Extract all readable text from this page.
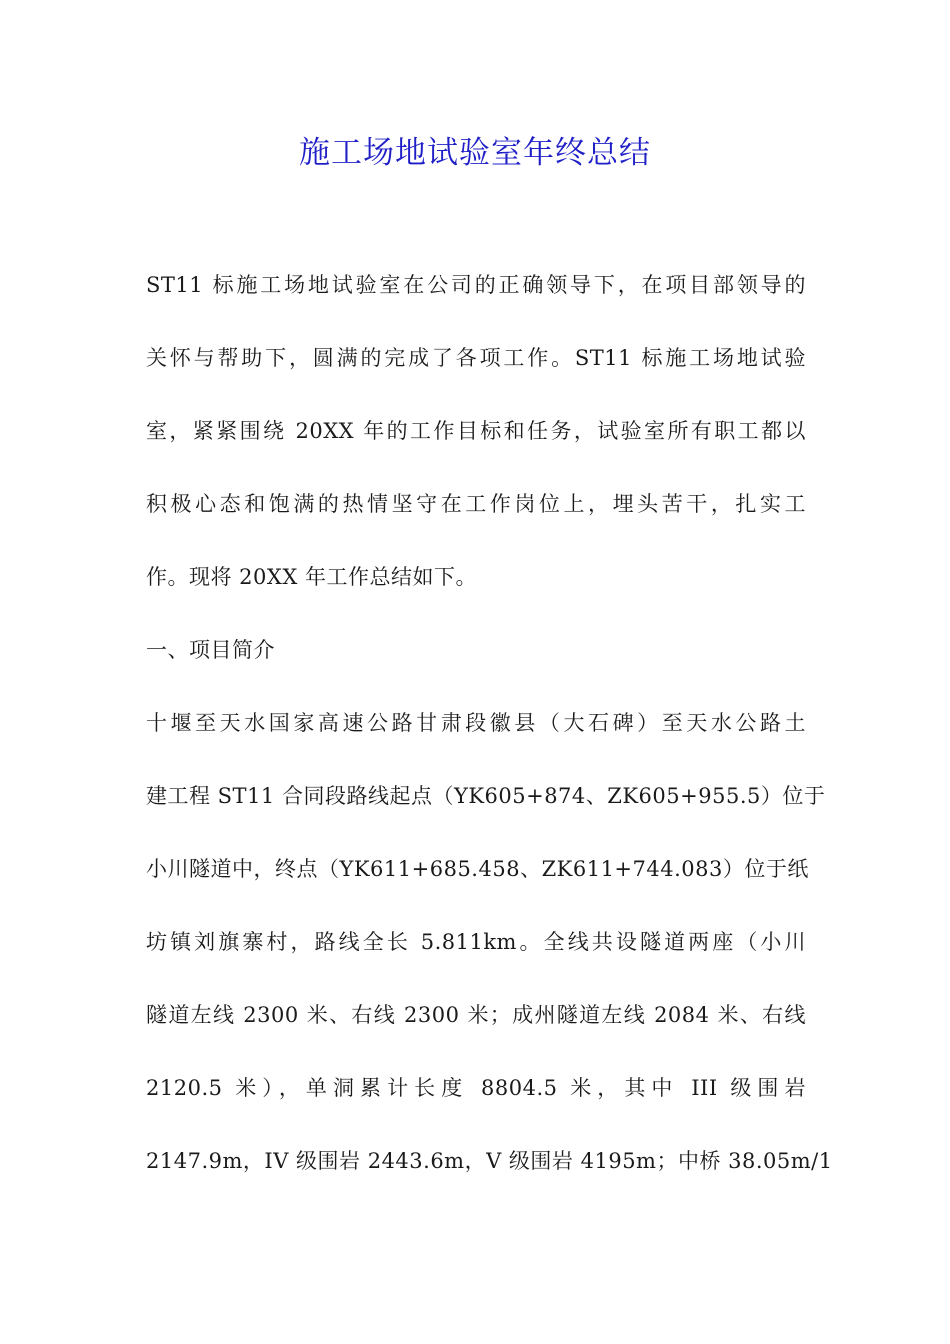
施工场地试验室年终总结
ST11 标施工场地试验室在公司的正确领导下，在项目部领导的
关怀与帮助下，圆满的完成了各项工作。ST11 标施工场地试验
室，紧紧围绕 20XX 年的工作目标和任务，试验室所有职工都以
积极心态和饱满的热情坚守在工作岗位上，埋头苦干，扎实工
作。现将 20XX 年工作总结如下。
一、项目简介
十堰至天水国家高速公路甘肃段徽县（大石碑）至天水公路土
建工程 ST11 合同段路线起点（YK605+874、ZK605+955.5）位于
小川隧道中，终点（YK611+685.458、ZK611+744.083）位于纸
坊镇刘旗寨村，路线全长 5.811km。全线共设隧道两座（小川
隧道左线 2300 米、右线 2300 米；成州隧道左线 2084 米、右线
2120.5 米），单洞累计长度 8804.5 米，其中 III 级围岩
2147.9m，IV 级围岩 2443.6m，V 级围岩 4195m；中桥 38.05m/1
